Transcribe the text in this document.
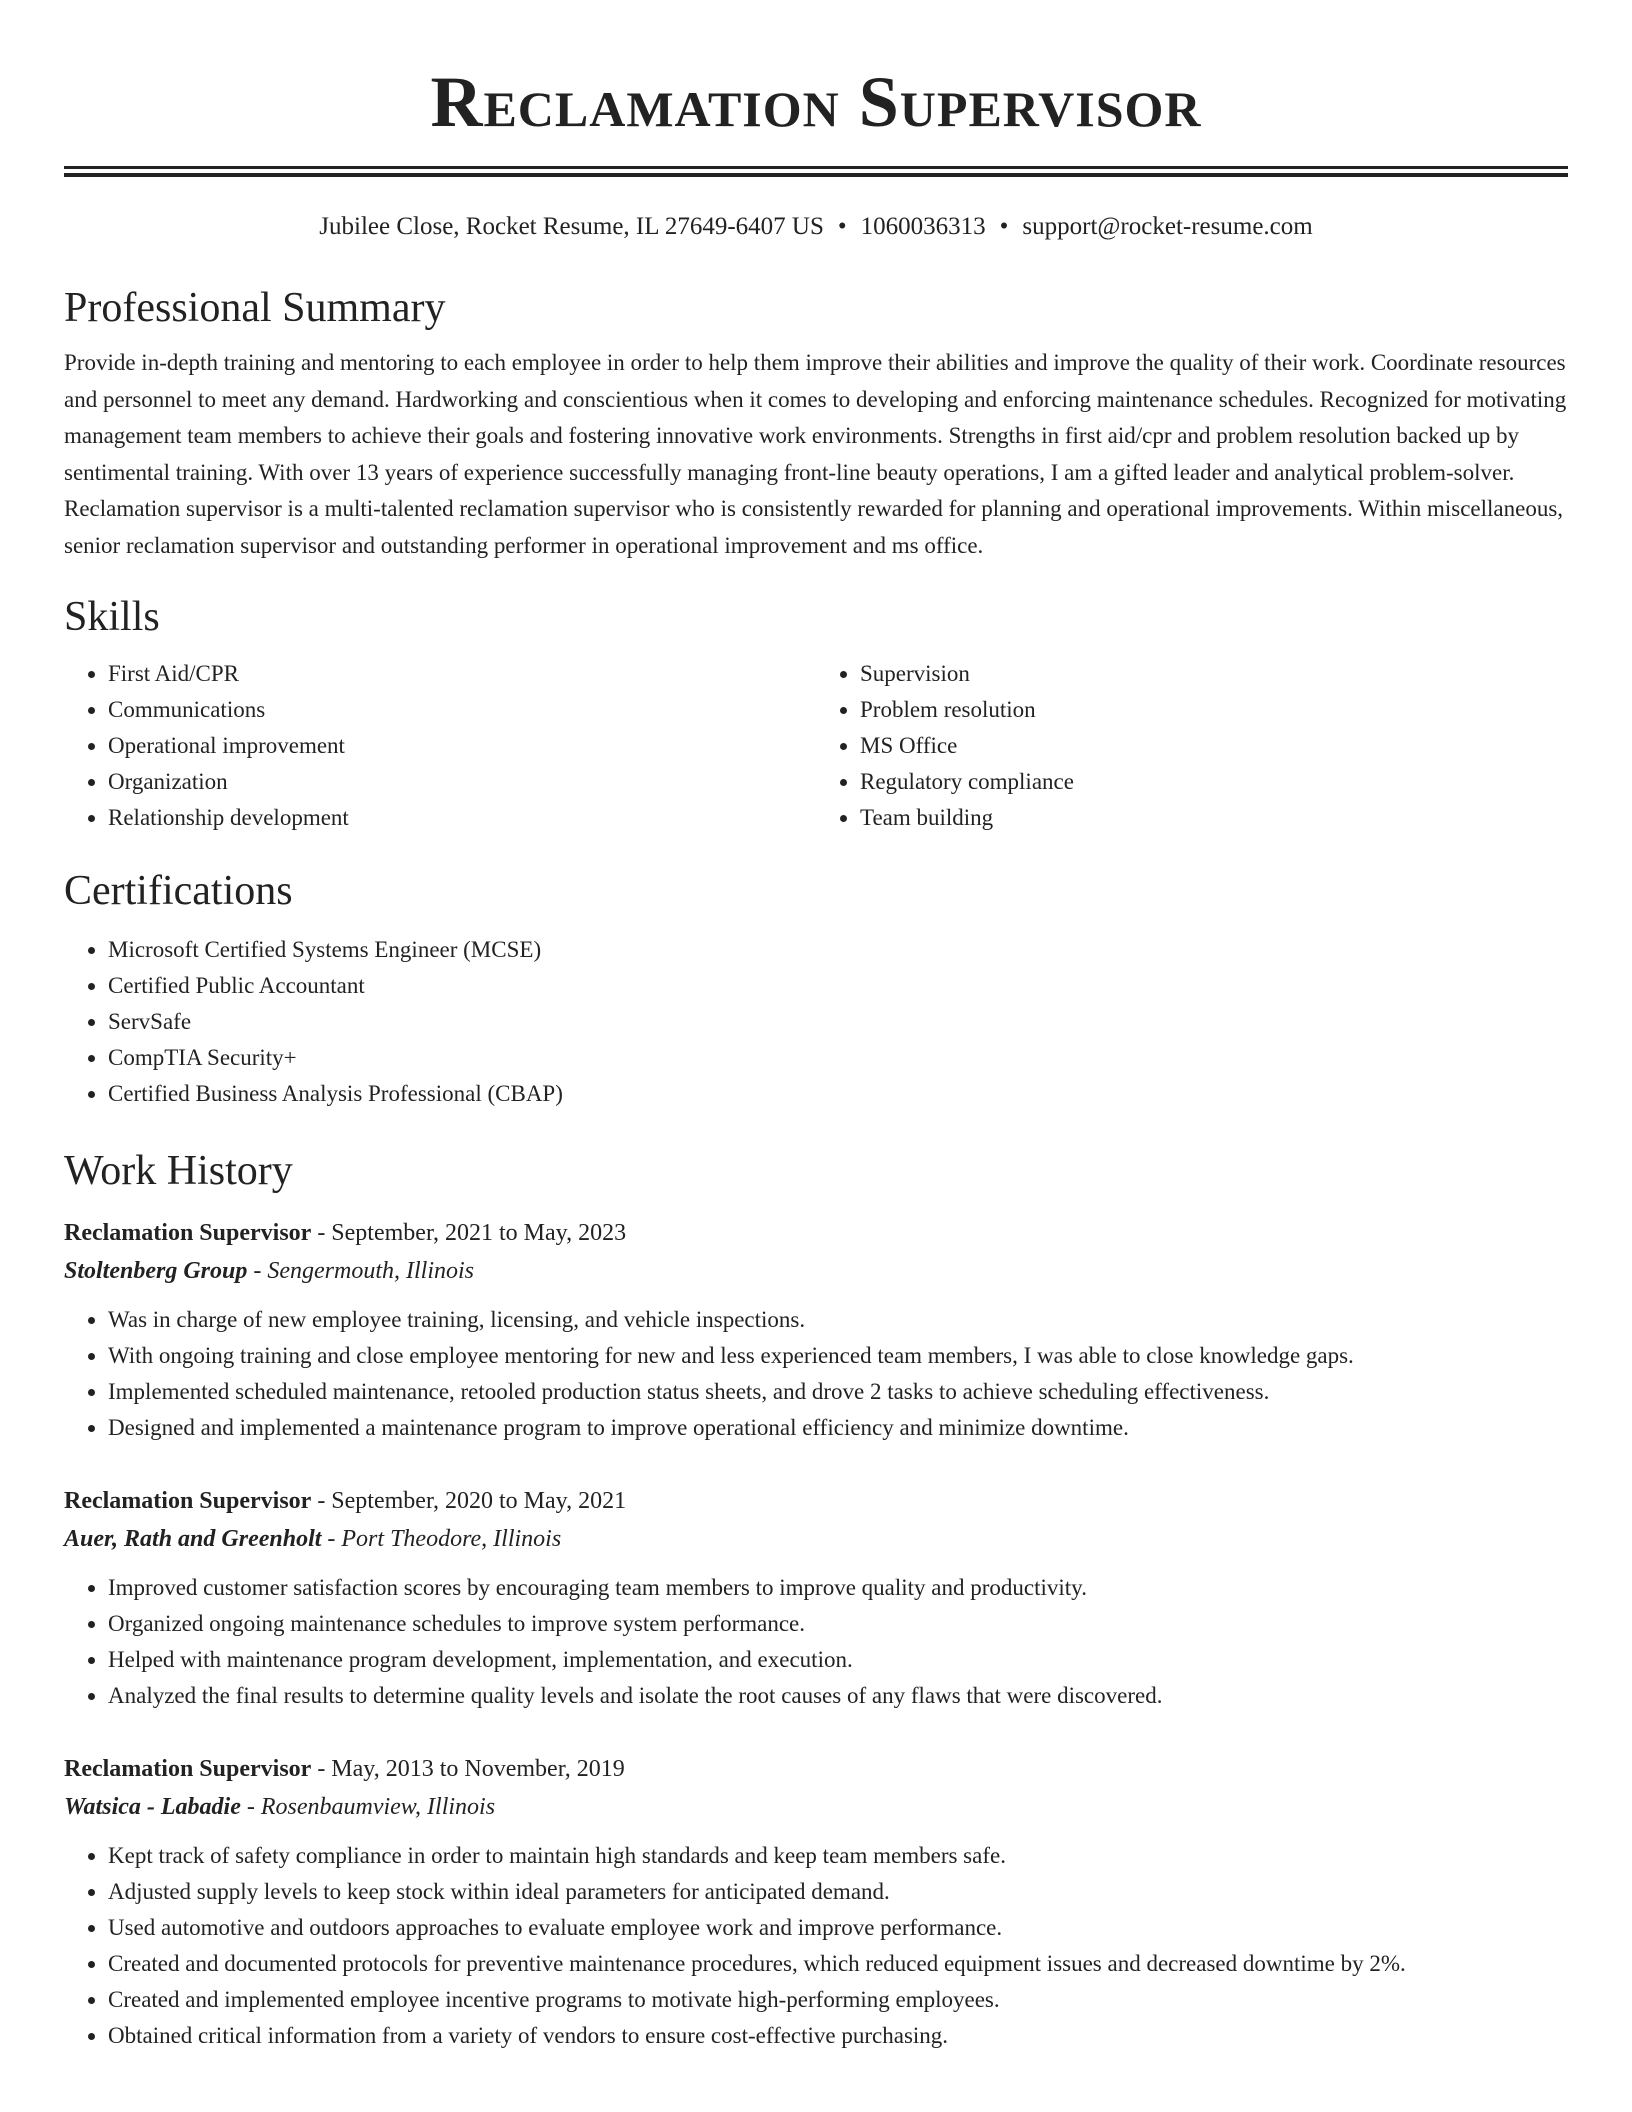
Reclamation Supervisor
Jubilee Close, Rocket Resume, IL 27649-6407 US • 1060036313 • support@rocket-resume.com
Professional Summary
Provide in-depth training and mentoring to each employee in order to help them improve their abilities and improve the quality of their work. Coordinate resources and personnel to meet any demand. Hardworking and conscientious when it comes to developing and enforcing maintenance schedules. Recognized for motivating management team members to achieve their goals and fostering innovative work environments. Strengths in first aid/cpr and problem resolution backed up by sentimental training. With over 13 years of experience successfully managing front-line beauty operations, I am a gifted leader and analytical problem-solver. Reclamation supervisor is a multi-talented reclamation supervisor who is consistently rewarded for planning and operational improvements. Within miscellaneous, senior reclamation supervisor and outstanding performer in operational improvement and ms office.
Skills
• First Aid/CPR
• Communications
• Operational improvement
• Organization
• Relationship development
• Supervision
• Problem resolution
• MS Office
• Regulatory compliance
• Team building
Certifications
• Microsoft Certified Systems Engineer (MCSE)
• Certified Public Accountant
• ServSafe
• CompTIA Security+
• Certified Business Analysis Professional (CBAP)
Work History
Reclamation Supervisor - September, 2021 to May, 2023
Stoltenberg Group - Sengermouth, Illinois
• Was in charge of new employee training, licensing, and vehicle inspections.
• With ongoing training and close employee mentoring for new and less experienced team members, I was able to close knowledge gaps.
• Implemented scheduled maintenance, retooled production status sheets, and drove 2 tasks to achieve scheduling effectiveness.
• Designed and implemented a maintenance program to improve operational efficiency and minimize downtime.
Reclamation Supervisor - September, 2020 to May, 2021
Auer, Rath and Greenholt - Port Theodore, Illinois
• Improved customer satisfaction scores by encouraging team members to improve quality and productivity.
• Organized ongoing maintenance schedules to improve system performance.
• Helped with maintenance program development, implementation, and execution.
• Analyzed the final results to determine quality levels and isolate the root causes of any flaws that were discovered.
Reclamation Supervisor - May, 2013 to November, 2019
Watsica - Labadie - Rosenbaumview, Illinois
• Kept track of safety compliance in order to maintain high standards and keep team members safe.
• Adjusted supply levels to keep stock within ideal parameters for anticipated demand.
• Used automotive and outdoors approaches to evaluate employee work and improve performance.
• Created and documented protocols for preventive maintenance procedures, which reduced equipment issues and decreased downtime by 2%.
• Created and implemented employee incentive programs to motivate high-performing employees.
• Obtained critical information from a variety of vendors to ensure cost-effective purchasing.
